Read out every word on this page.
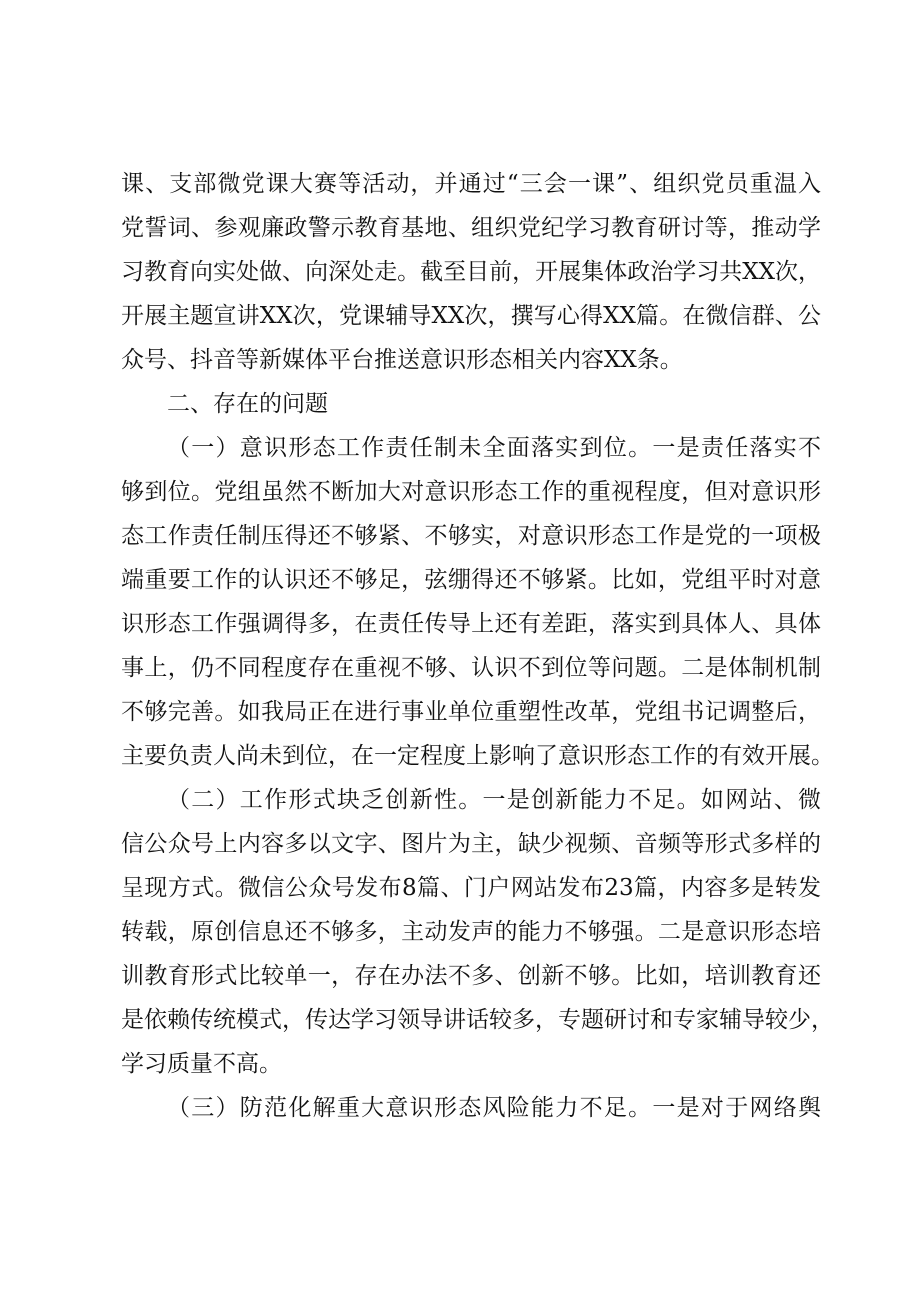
课、支部微党课大赛等活动，并通过“三会一课”、组织党员重温入
党誓词、参观廉政警示教育基地、组织党纪学习教育研讨等，推动学
习教育向实处做、向深处走。截至目前，开展集体政治学习共XX次，
开展主题宣讲XX次，党课辅导XX次，撰写心得XX篇。在微信群、公
众号、抖音等新媒体平台推送意识形态相关内容XX条。
二、存在的问题
（一）意识形态工作责任制未全面落实到位。一是责任落实不
够到位。党组虽然不断加大对意识形态工作的重视程度，但对意识形
态工作责任制压得还不够紧、不够实，对意识形态工作是党的一项极
端重要工作的认识还不够足，弦绷得还不够紧。比如，党组平时对意
识形态工作强调得多，在责任传导上还有差距，落实到具体人、具体
事上，仍不同程度存在重视不够、认识不到位等问题。二是体制机制
不够完善。如我局正在进行事业单位重塑性改革，党组书记调整后，
主要负责人尚未到位，在一定程度上影响了意识形态工作的有效开展。
（二）工作形式块乏创新性。一是创新能力不足。如网站、微
信公众号上内容多以文字、图片为主，缺少视频、音频等形式多样的
呈现方式。微信公众号发布8篇、门户网站发布23篇，内容多是转发
转载，原创信息还不够多，主动发声的能力不够强。二是意识形态培
训教育形式比较单一，存在办法不多、创新不够。比如，培训教育还
是依赖传统模式，传达学习领导讲话较多，专题研讨和专家辅导较少，
学习质量不高。
（三）防范化解重大意识形态风险能力不足。一是对于网络舆
